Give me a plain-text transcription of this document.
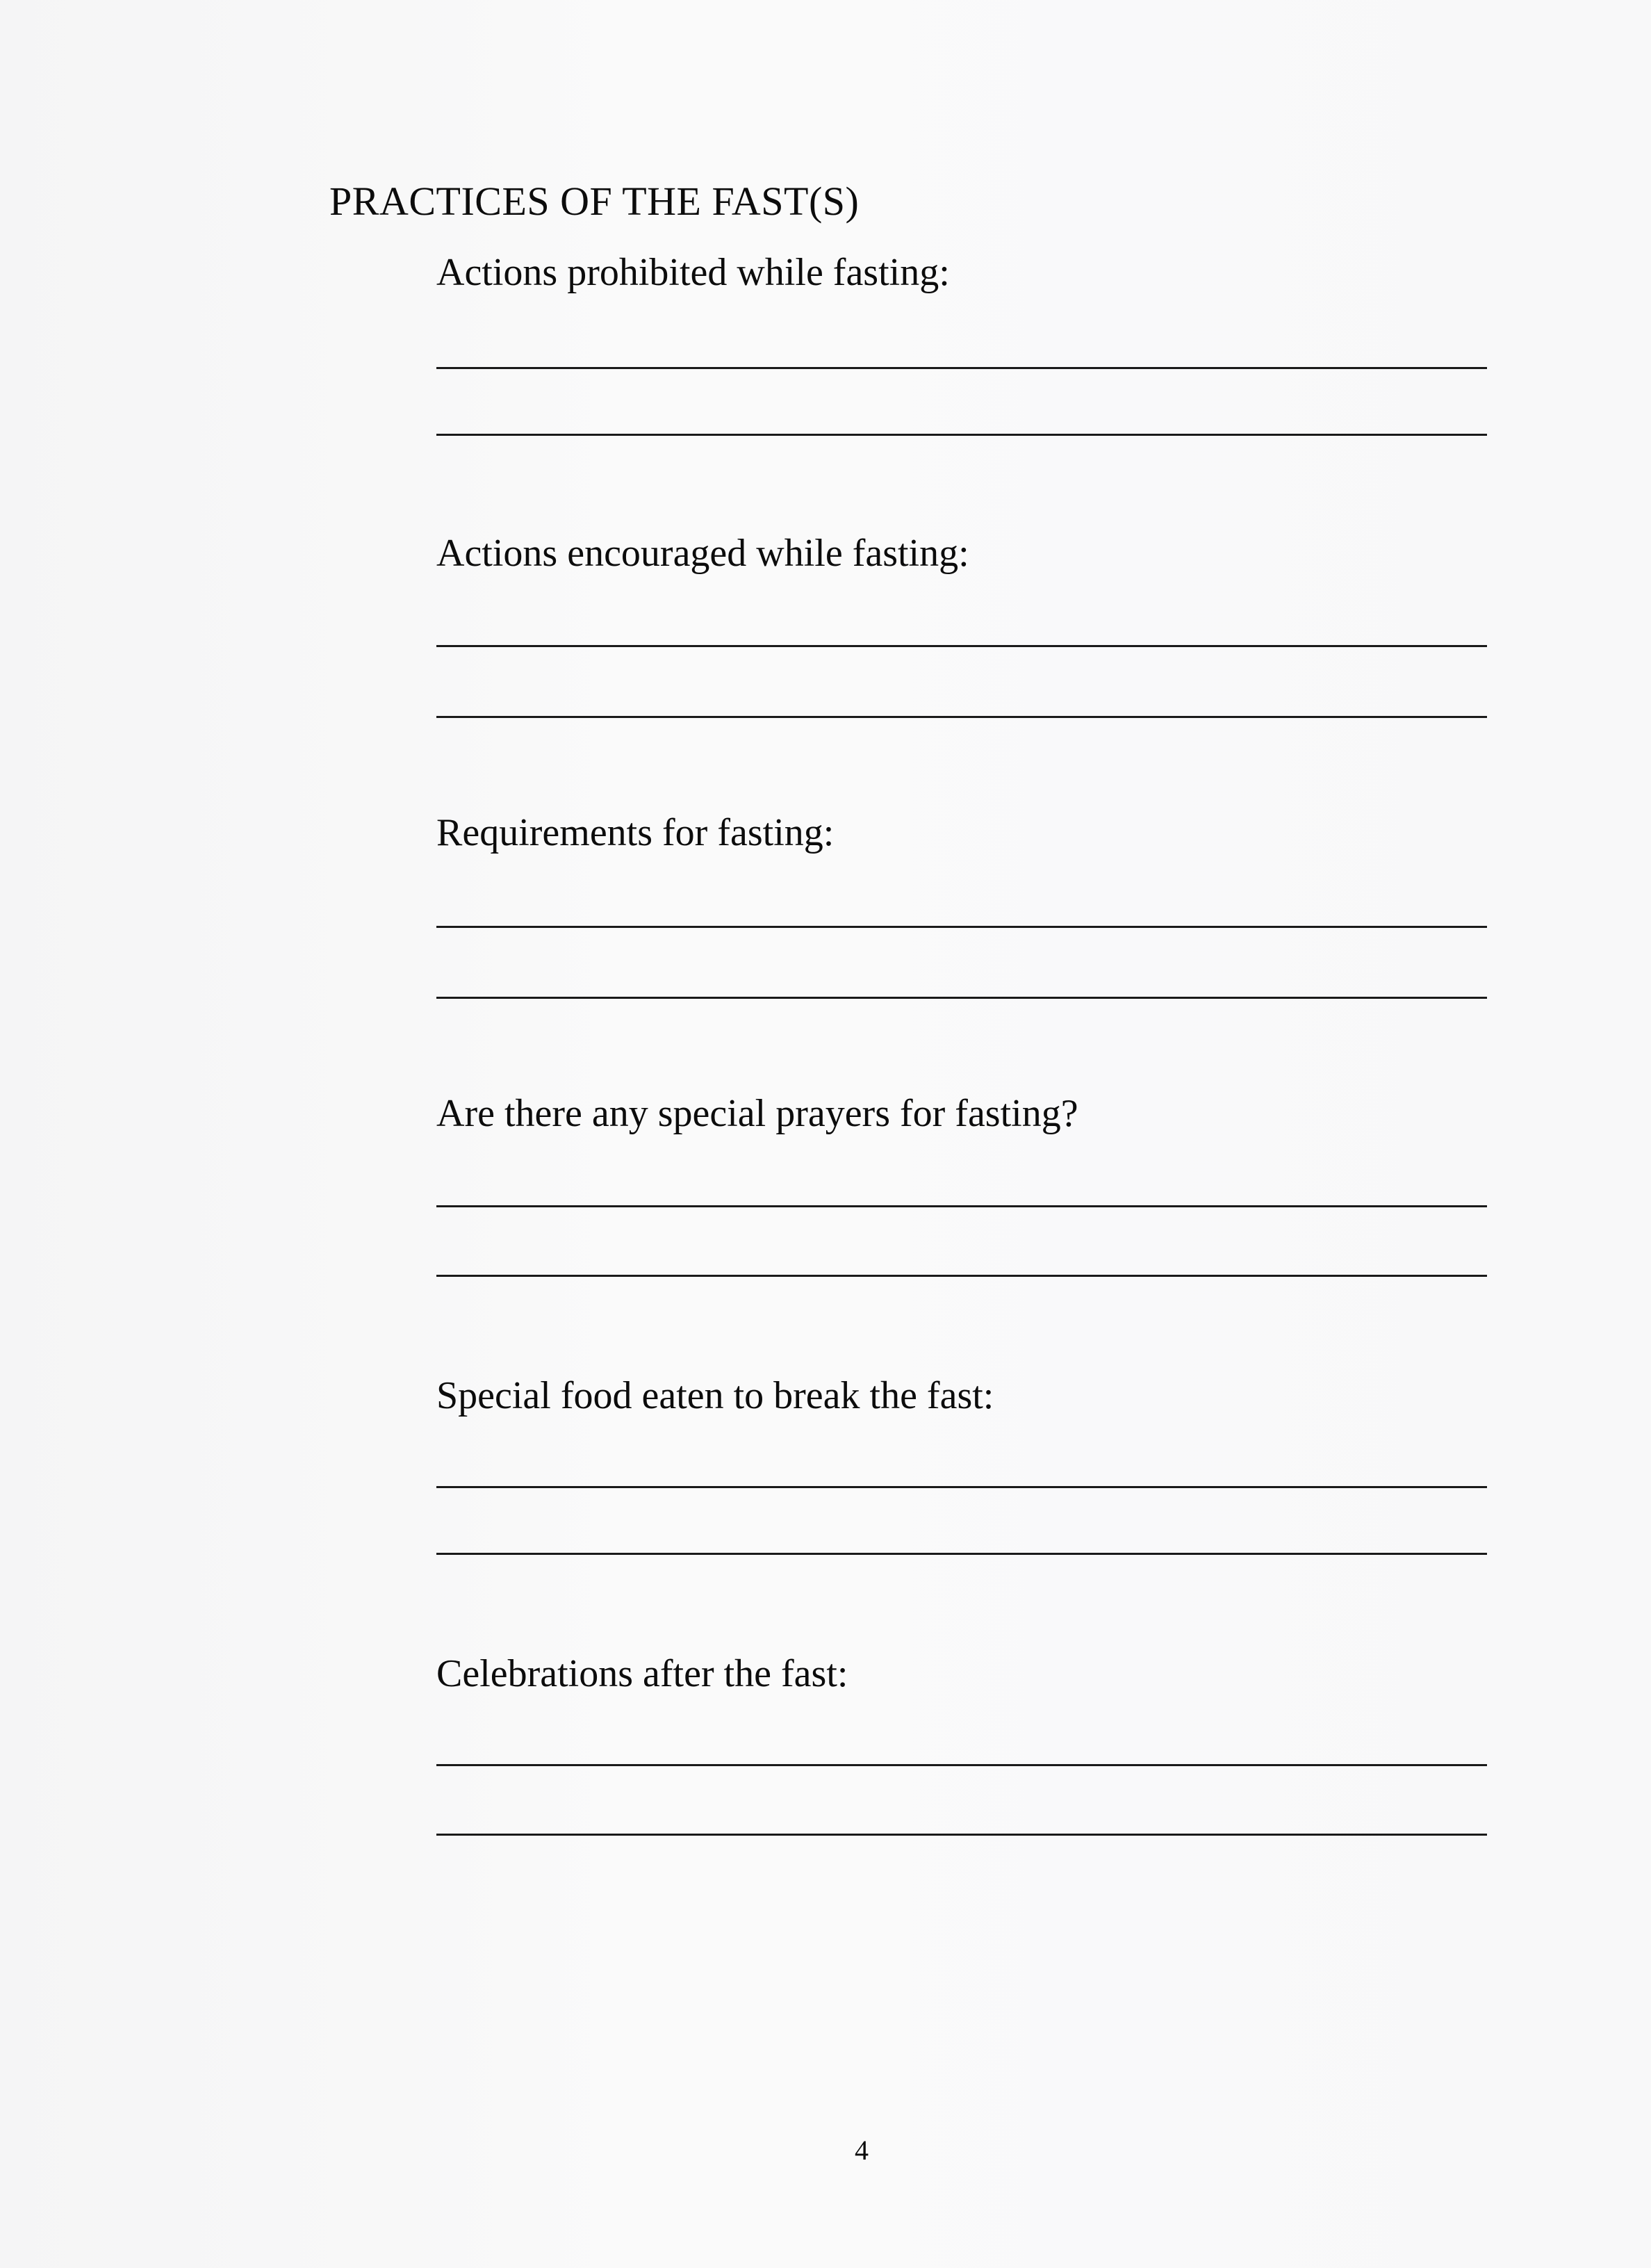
PRACTICES OF THE FAST(S)
Actions prohibited while fasting:
Actions encouraged while fasting:
Requirements for fasting:
Are there any special prayers for fasting?
Special food eaten to break the fast:
Celebrations after the fast:
4
